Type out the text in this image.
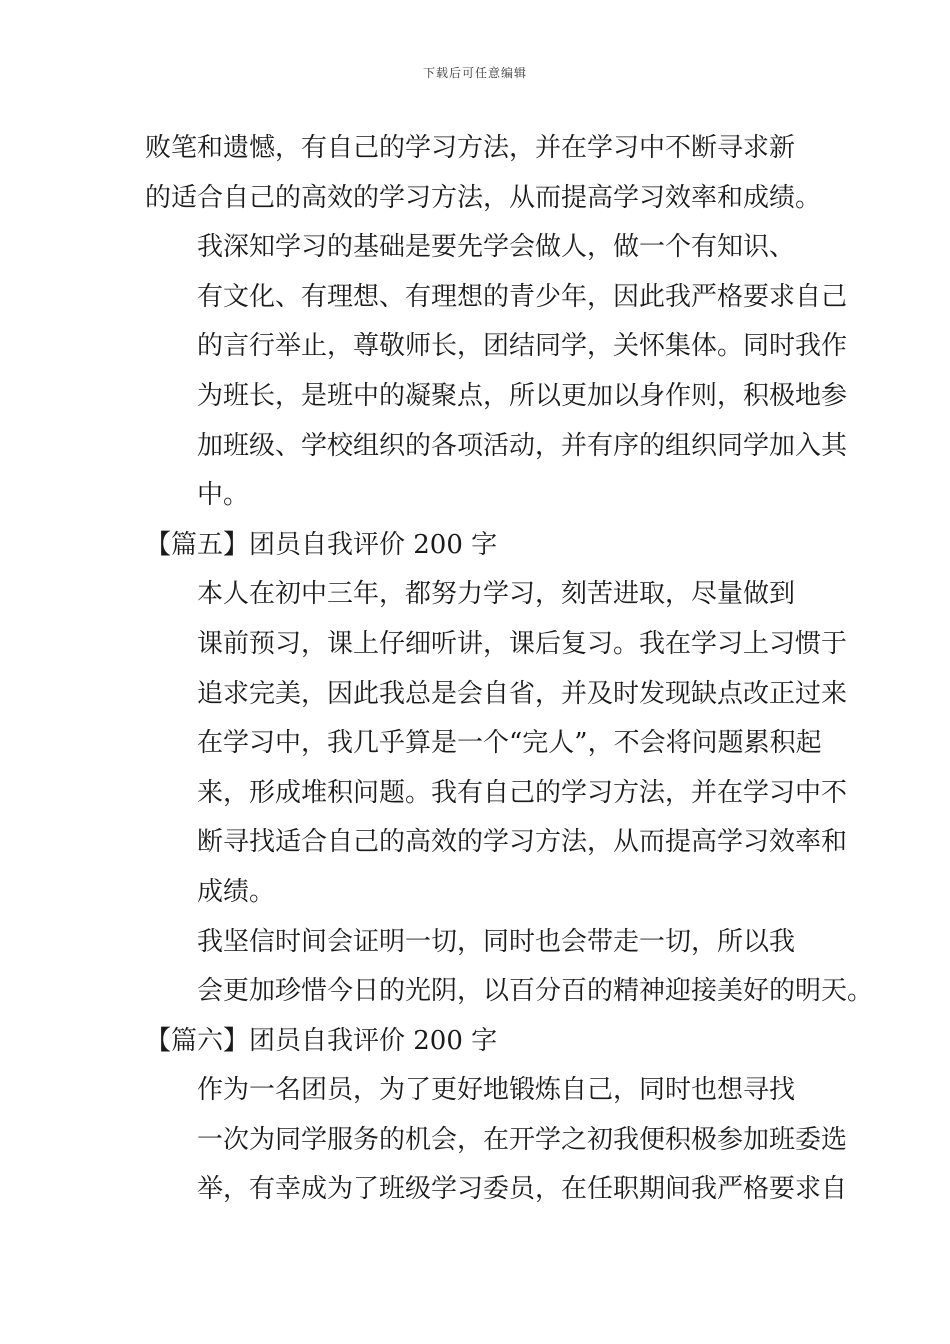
下载后可任意编辑

败笔和遗憾，有自己的学习方法，并在学习中不断寻求新
的适合自己的高效的学习方法，从而提高学习效率和成绩。

我深知学习的基础是要先学会做人，做一个有知识、
有文化、有理想、有理想的青少年，因此我严格要求自己
的言行举止，尊敬师长，团结同学，关怀集体。同时我作
为班长，是班中的凝聚点，所以更加以身作则，积极地参
加班级、学校组织的各项活动，并有序的组织同学加入其
中。

【篇五】团员自我评价 200 字

本人在初中三年，都努力学习，刻苦进取，尽量做到
课前预习，课上仔细听讲，课后复习。我在学习上习惯于
追求完美，因此我总是会自省，并及时发现缺点改正过来
在学习中，我几乎算是一个“完人”，不会将问题累积起
来，形成堆积问题。我有自己的学习方法，并在学习中不
断寻找适合自己的高效的学习方法，从而提高学习效率和
成绩。

我坚信时间会证明一切，同时也会带走一切，所以我
会更加珍惜今日的光阴，以百分百的精神迎接美好的明天。

【篇六】团员自我评价 200 字

作为一名团员，为了更好地锻炼自己，同时也想寻找
一次为同学服务的机会，在开学之初我便积极参加班委选
举，有幸成为了班级学习委员，在任职期间我严格要求自
